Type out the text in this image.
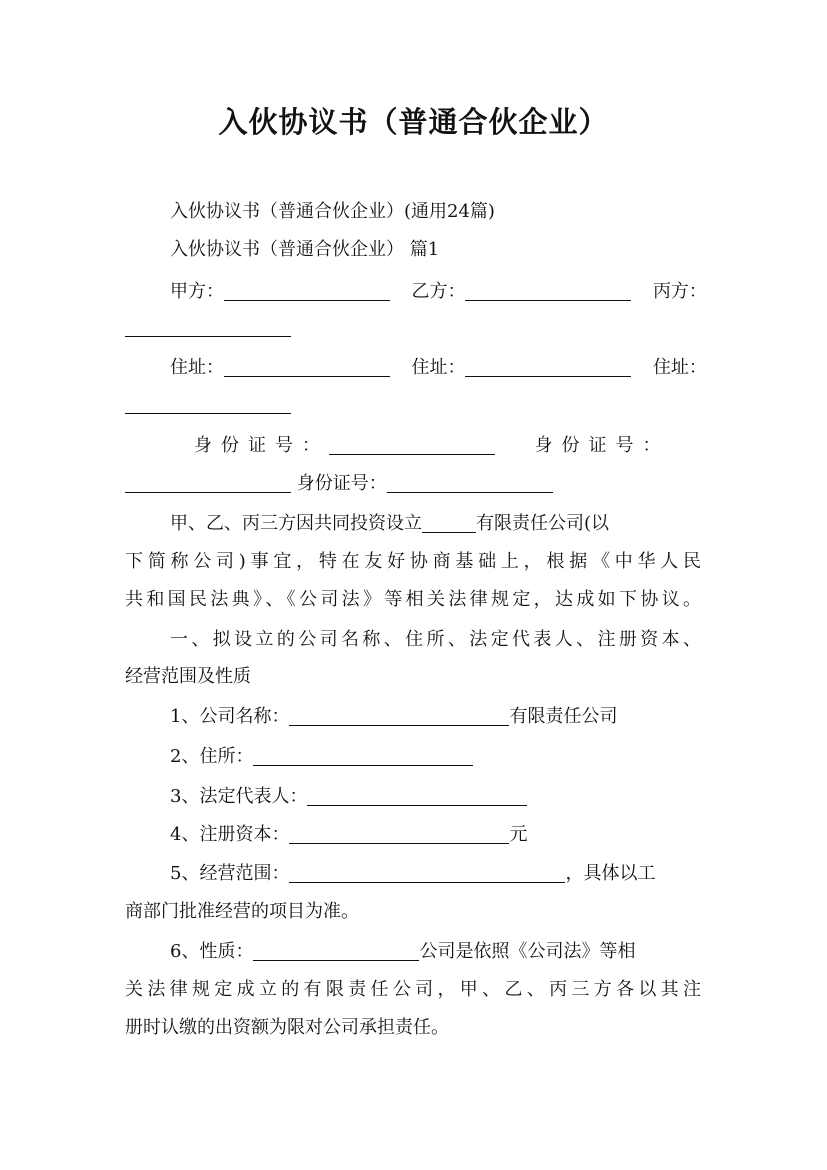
入伙协议书（普通合伙企业）
入伙协议书（普通合伙企业）(通用24篇)
入伙协议书（普通合伙企业） 篇1
甲方：	乙方：	丙方：
住址：	住址：	住址：
身份证号：	身份证号：
身份证号：
甲、乙、丙三方因共同投资设立	有限责任公司(以
下简称公司)事宜，特在友好协商基础上，根据《中华人民
共和国民法典》、《公司法》等相关法律规定，达成如下协议。
一、拟设立的公司名称、住所、法定代表人、注册资本、
经营范围及性质
1、公司名称：	有限责任公司
2、住所：
3、法定代表人：
4、注册资本：	元
5、经营范围：	，具体以工
商部门批准经营的项目为准。
6、性质：	公司是依照《公司法》等相
关法律规定成立的有限责任公司，甲、乙、丙三方各以其注
册时认缴的出资额为限对公司承担责任。
